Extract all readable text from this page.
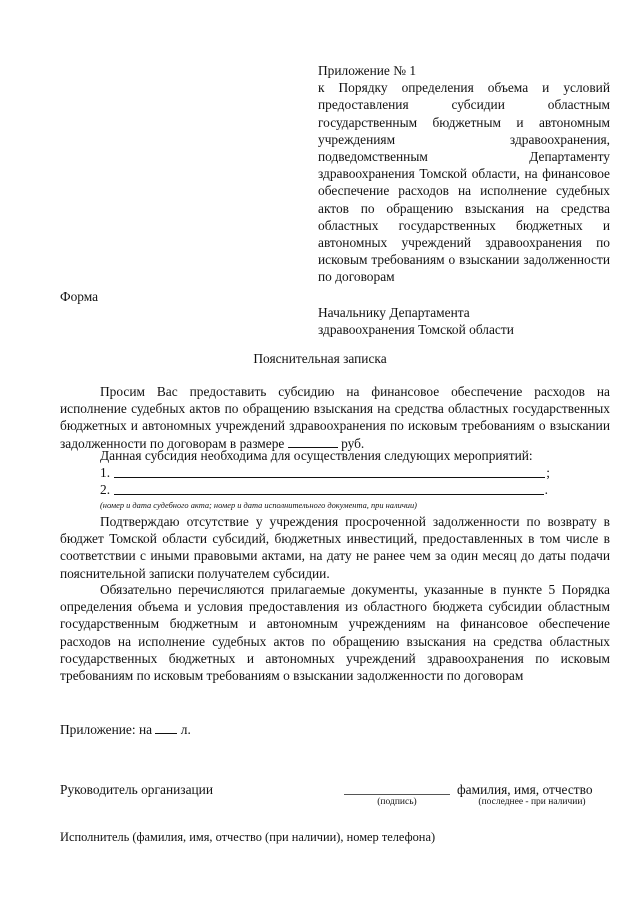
Приложение № 1

к Порядку определения объема и условий предоставления субсидии областным государственным бюджетным и автономным учреждениям здравоохранения, подведомственным Департаменту здравоохранения Томской области, на финансовое обеспечение расходов на исполнение судебных актов по обращению взыскания на средства областных государственных бюджетных и автономных учреждений здравоохранения по исковым требованиям о взыскании задолженности по договорам

Форма
Начальнику Департамента
здравоохранения Томской области
Пояснительная записка

Просим Вас предоставить субсидию на финансовое обеспечение расходов на исполнение судебных актов по обращению взыскания на средства областных государственных бюджетных и автономных учреждений здравоохранения по исковым требованиям о взыскании задолженности по договорам в размере	руб.

Данная субсидия необходима для осуществления следующих мероприятий:
1.	;
2.	.
(номер и дата судебного акта; номер и дата исполнительного документа, при наличии)

Подтверждаю отсутствие у учреждения просроченной задолженности по возврату в бюджет Томской области субсидий, бюджетных инвестиций, предоставленных в том числе в соответствии с иными правовыми актами, на дату не ранее чем за один месяц до даты подачи пояснительной записки получателем субсидии.

Обязательно перечисляются прилагаемые документы, указанные в пункте 5 Порядка определения объема и условия предоставления из областного бюджета субсидии областным государственным бюджетным и автономным учреждениям на финансовое обеспечение расходов на исполнение судебных актов по обращению взыскания на средства областных государственных бюджетных и автономных учреждений здравоохранения по исковым требованиям по исковым требованиям о взыскании задолженности по договорам

Приложение: на л.
Руководитель организации	фамилия, имя, отчество
(подпись)	(последнее - при наличии)
Исполнитель (фамилия, имя, отчество (при наличии), номер телефона)
